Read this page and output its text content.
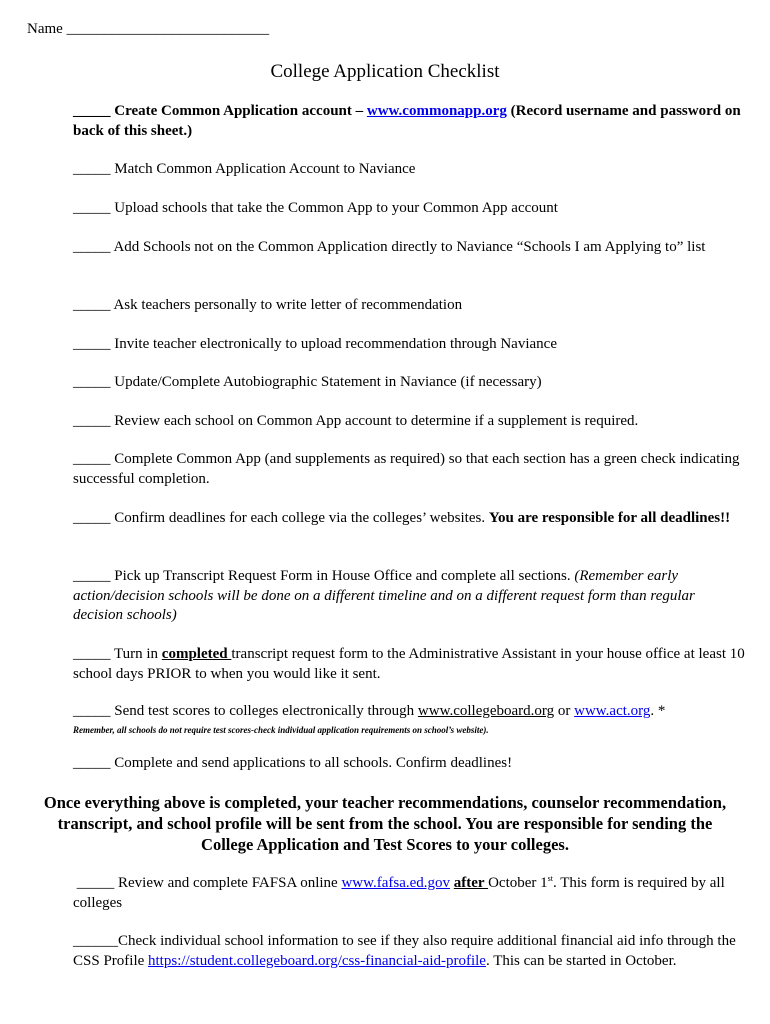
Name ___________________________
College Application Checklist
_____ Create Common Application account – www.commonapp.org (Record username and password on back of this sheet.)
_____ Match Common Application Account to Naviance
_____ Upload schools that take the Common App to your Common App account
_____ Add Schools not on the Common Application directly to Naviance “Schools I am Applying to” list
_____ Ask teachers personally to write letter of recommendation
_____ Invite teacher electronically to upload recommendation through Naviance
_____ Update/Complete Autobiographic Statement in Naviance (if necessary)
_____ Review each school on Common App account to determine if a supplement is required.
_____ Complete Common App (and supplements as required) so that each section has a green check indicating successful completion.
_____ Confirm deadlines for each college via the colleges’ websites. You are responsible for all deadlines!!
_____ Pick up Transcript Request Form in House Office and complete all sections. (Remember early action/decision schools will be done on a different timeline and on a different request form than regular decision schools)
_____ Turn in completed transcript request form to the Administrative Assistant in your house office at least 10 school days PRIOR to when you would like it sent.
_____ Send test scores to colleges electronically through www.collegeboard.org or www.act.org. *
Remember, all schools do not require test scores-check individual application requirements on school’s website).
_____ Complete and send applications to all schools. Confirm deadlines!
Once everything above is completed, your teacher recommendations, counselor recommendation, transcript, and school profile will be sent from the school. You are responsible for sending the College Application and Test Scores to your colleges.
_____ Review and complete FAFSA online www.fafsa.ed.gov after October 1st. This form is required by all colleges
______Check individual school information to see if they also require additional financial aid info through the CSS Profile https://student.collegeboard.org/css-financial-aid-profile. This can be started in October.
